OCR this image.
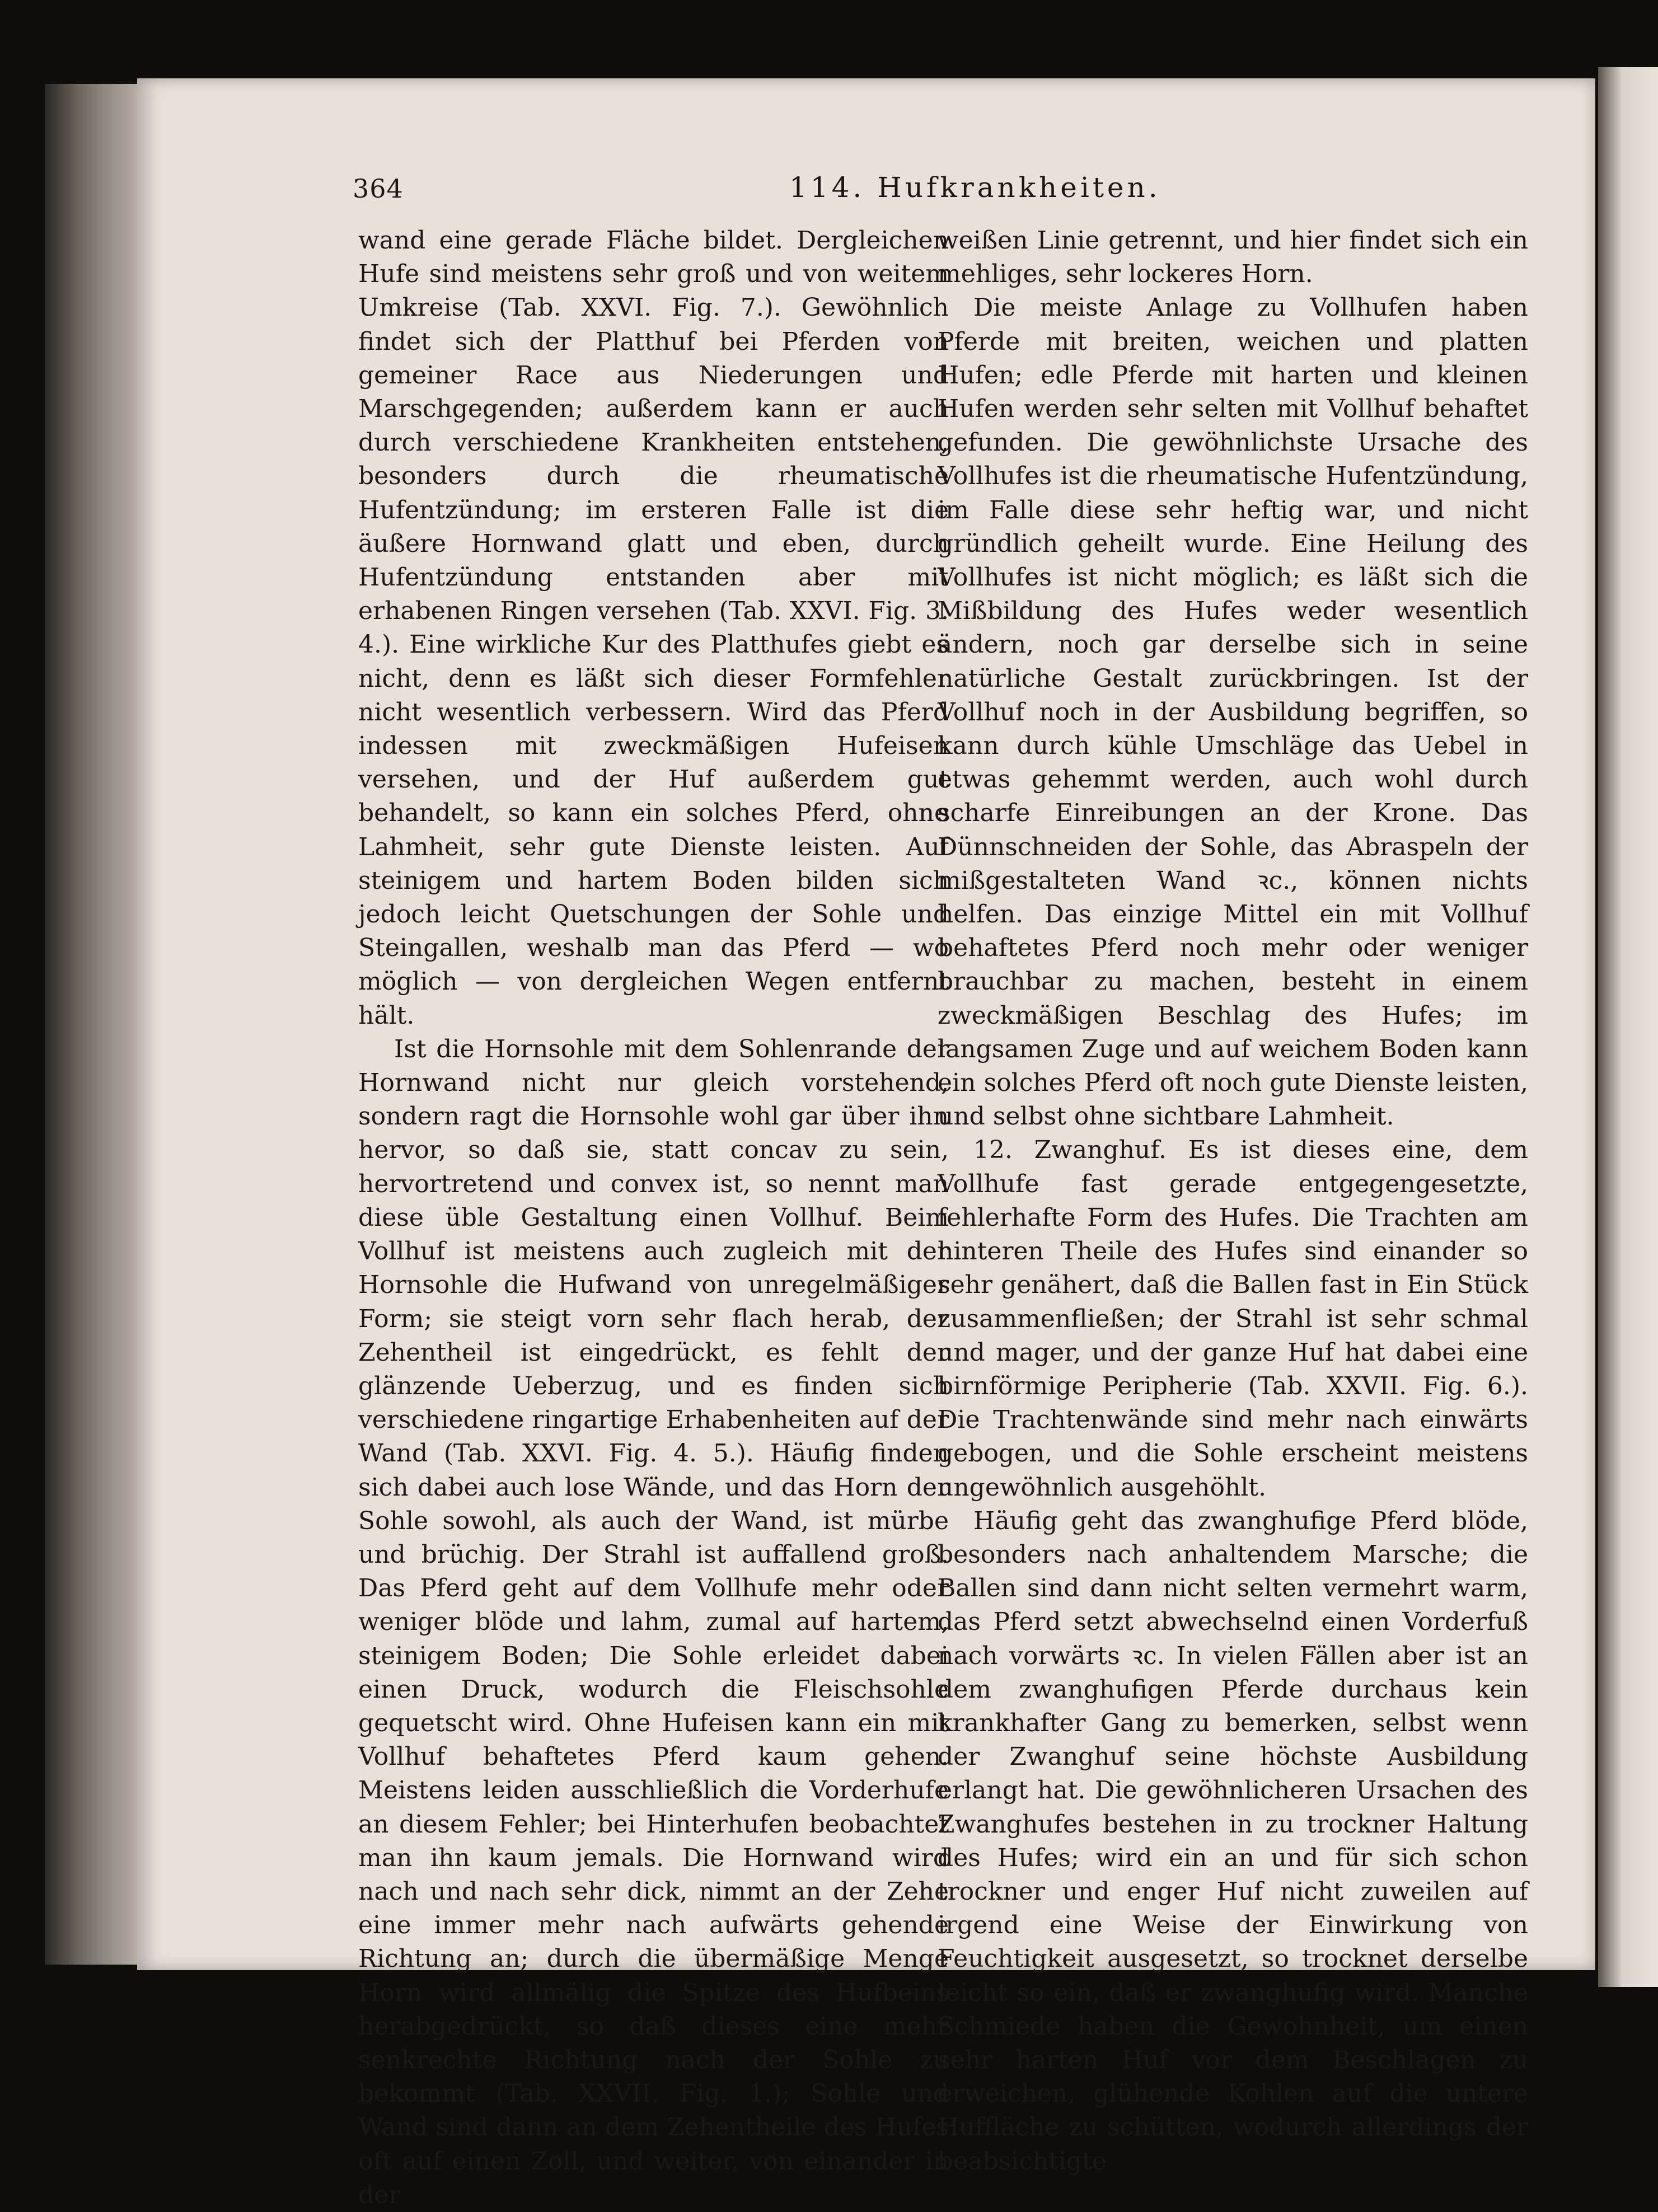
364	114. Hufkrankheiten.

wand eine gerade Fläche bildet. Dergleichen Hufe sind meistens sehr groß und von weitem Umkreise (Tab. XXVI. Fig. 7.). Gewöhnlich findet sich der Platthuf bei Pferden von gemeiner Race aus Niederungen und Marschgegenden; außerdem kann er auch durch verschiedene Krankheiten entstehen, besonders durch die rheumatische Hufentzündung; im ersteren Falle ist die äußere Hornwand glatt und eben, durch Hufentzündung entstanden aber mit erhabenen Ringen versehen (Tab. XXVI. Fig. 3. 4.). Eine wirkliche Kur des Platthufes giebt es nicht, denn es läßt sich dieser Formfehler nicht wesentlich verbessern. Wird das Pferd indessen mit zweckmäßigen Hufeisen versehen, und der Huf außerdem gut behandelt, so kann ein solches Pferd, ohne Lahmheit, sehr gute Dienste leisten. Auf steinigem und hartem Boden bilden sich jedoch leicht Quetschungen der Sohle und Steingallen, weshalb man das Pferd — wo möglich — von dergleichen Wegen entfernt hält.

Ist die Hornsohle mit dem Sohlenrande der Hornwand nicht nur gleich vorstehend, sondern ragt die Hornsohle wohl gar über ihn hervor, so daß sie, statt concav zu sein, hervortretend und convex ist, so nennt man diese üble Gestaltung einen Vollhuf. Beim Vollhuf ist meistens auch zugleich mit der Hornsohle die Hufwand von unregelmäßiger Form; sie steigt vorn sehr flach herab, der Zehentheil ist eingedrückt, es fehlt der glänzende Ueberzug, und es finden sich verschiedene ringartige Erhabenheiten auf der Wand (Tab. XXVI. Fig. 4. 5.). Häufig finden sich dabei auch lose Wände, und das Horn der Sohle sowohl, als auch der Wand, ist mürbe und brüchig. Der Strahl ist auffallend groß. Das Pferd geht auf dem Vollhufe mehr oder weniger blöde und lahm, zumal auf hartem, steinigem Boden; Die Sohle erleidet dabei einen Druck, wodurch die Fleischsohle gequetscht wird. Ohne Hufeisen kann ein mit Vollhuf behaftetes Pferd kaum gehen. Meistens leiden ausschließlich die Vorderhufe an diesem Fehler; bei Hinterhufen beobachtet man ihn kaum jemals. Die Hornwand wird nach und nach sehr dick, nimmt an der Zehe eine immer mehr nach aufwärts gehende Richtung an; durch die übermäßige Menge Horn wird allmälig die Spitze des Hufbeins herabgedrückt, so daß dieses eine mehr senkrechte Richtung nach der Sohle zu bekommt (Tab. XXVII. Fig. 1.); Sohle und Wand sind dann an dem Zehentheile des Hufes oft auf einen Zoll, und weiter, von einander in der

weißen Linie getrennt, und hier findet sich ein mehliges, sehr lockeres Horn.

Die meiste Anlage zu Vollhufen haben Pferde mit breiten, weichen und platten Hufen; edle Pferde mit harten und kleinen Hufen werden sehr selten mit Vollhuf behaftet gefunden. Die gewöhnlichste Ursache des Vollhufes ist die rheumatische Hufentzündung, im Falle diese sehr heftig war, und nicht gründlich geheilt wurde. Eine Heilung des Vollhufes ist nicht möglich; es läßt sich die Mißbildung des Hufes weder wesentlich ändern, noch gar derselbe sich in seine natürliche Gestalt zurückbringen. Ist der Vollhuf noch in der Ausbildung begriffen, so kann durch kühle Umschläge das Uebel in etwas gehemmt werden, auch wohl durch scharfe Einreibungen an der Krone. Das Dünnschneiden der Sohle, das Abraspeln der mißgestalteten Wand ꝛc., können nichts helfen. Das einzige Mittel ein mit Vollhuf behaftetes Pferd noch mehr oder weniger brauchbar zu machen, besteht in einem zweckmäßigen Beschlag des Hufes; im langsamen Zuge und auf weichem Boden kann ein solches Pferd oft noch gute Dienste leisten, und selbst ohne sichtbare Lahmheit.

12. Zwanghuf. Es ist dieses eine, dem Vollhufe fast gerade entgegengesetzte, fehlerhafte Form des Hufes. Die Trachten am hinteren Theile des Hufes sind einander so sehr genähert, daß die Ballen fast in Ein Stück zusammenfließen; der Strahl ist sehr schmal und mager, und der ganze Huf hat dabei eine birnförmige Peripherie (Tab. XXVII. Fig. 6.). Die Trachtenwände sind mehr nach einwärts gebogen, und die Sohle erscheint meistens ungewöhnlich ausgehöhlt.

Häufig geht das zwanghufige Pferd blöde, besonders nach anhaltendem Marsche; die Ballen sind dann nicht selten vermehrt warm, das Pferd setzt abwechselnd einen Vorderfuß nach vorwärts ꝛc. In vielen Fällen aber ist an dem zwanghufigen Pferde durchaus kein krankhafter Gang zu bemerken, selbst wenn der Zwanghuf seine höchste Ausbildung erlangt hat. Die gewöhnlicheren Ursachen des Zwanghufes bestehen in zu trockner Haltung des Hufes; wird ein an und für sich schon trockner und enger Huf nicht zuweilen auf irgend eine Weise der Einwirkung von Feuchtigkeit ausgesetzt, so trocknet derselbe leicht so ein, daß er zwanghufig wird. Manche Schmiede haben die Gewohnheit, um einen sehr harten Huf vor dem Beschlagen zu erweichen, glühende Kohlen auf die untere Huffläche zu schütten, wodurch allerdings der beabsichtigte
